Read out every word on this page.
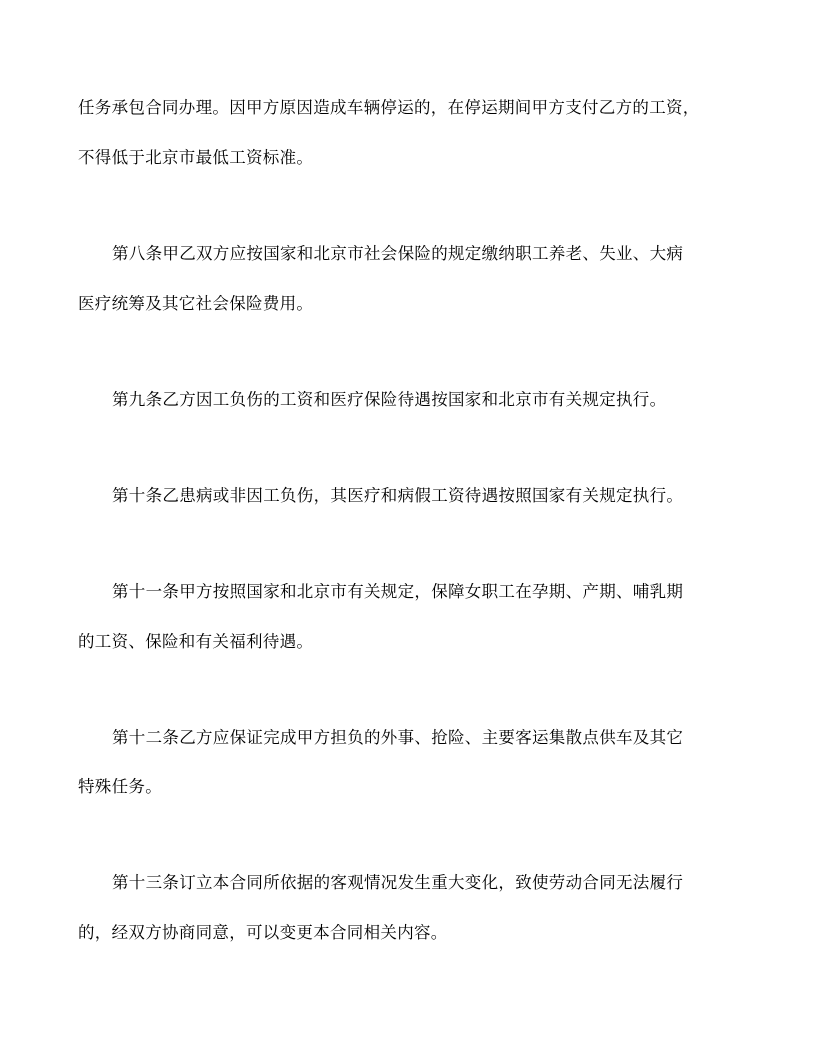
任务承包合同办理。因甲方原因造成车辆停运的，在停运期间甲方支付乙方的工资，
不得低于北京市最低工资标准。
第八条甲乙双方应按国家和北京市社会保险的规定缴纳职工养老、失业、大病
医疗统筹及其它社会保险费用。
第九条乙方因工负伤的工资和医疗保险待遇按国家和北京市有关规定执行。
第十条乙患病或非因工负伤，其医疗和病假工资待遇按照国家有关规定执行。
第十一条甲方按照国家和北京市有关规定，保障女职工在孕期、产期、哺乳期
的工资、保险和有关福利待遇。
第十二条乙方应保证完成甲方担负的外事、抢险、主要客运集散点供车及其它
特殊任务。
第十三条订立本合同所依据的客观情况发生重大变化，致使劳动合同无法履行
的，经双方协商同意，可以变更本合同相关内容。
